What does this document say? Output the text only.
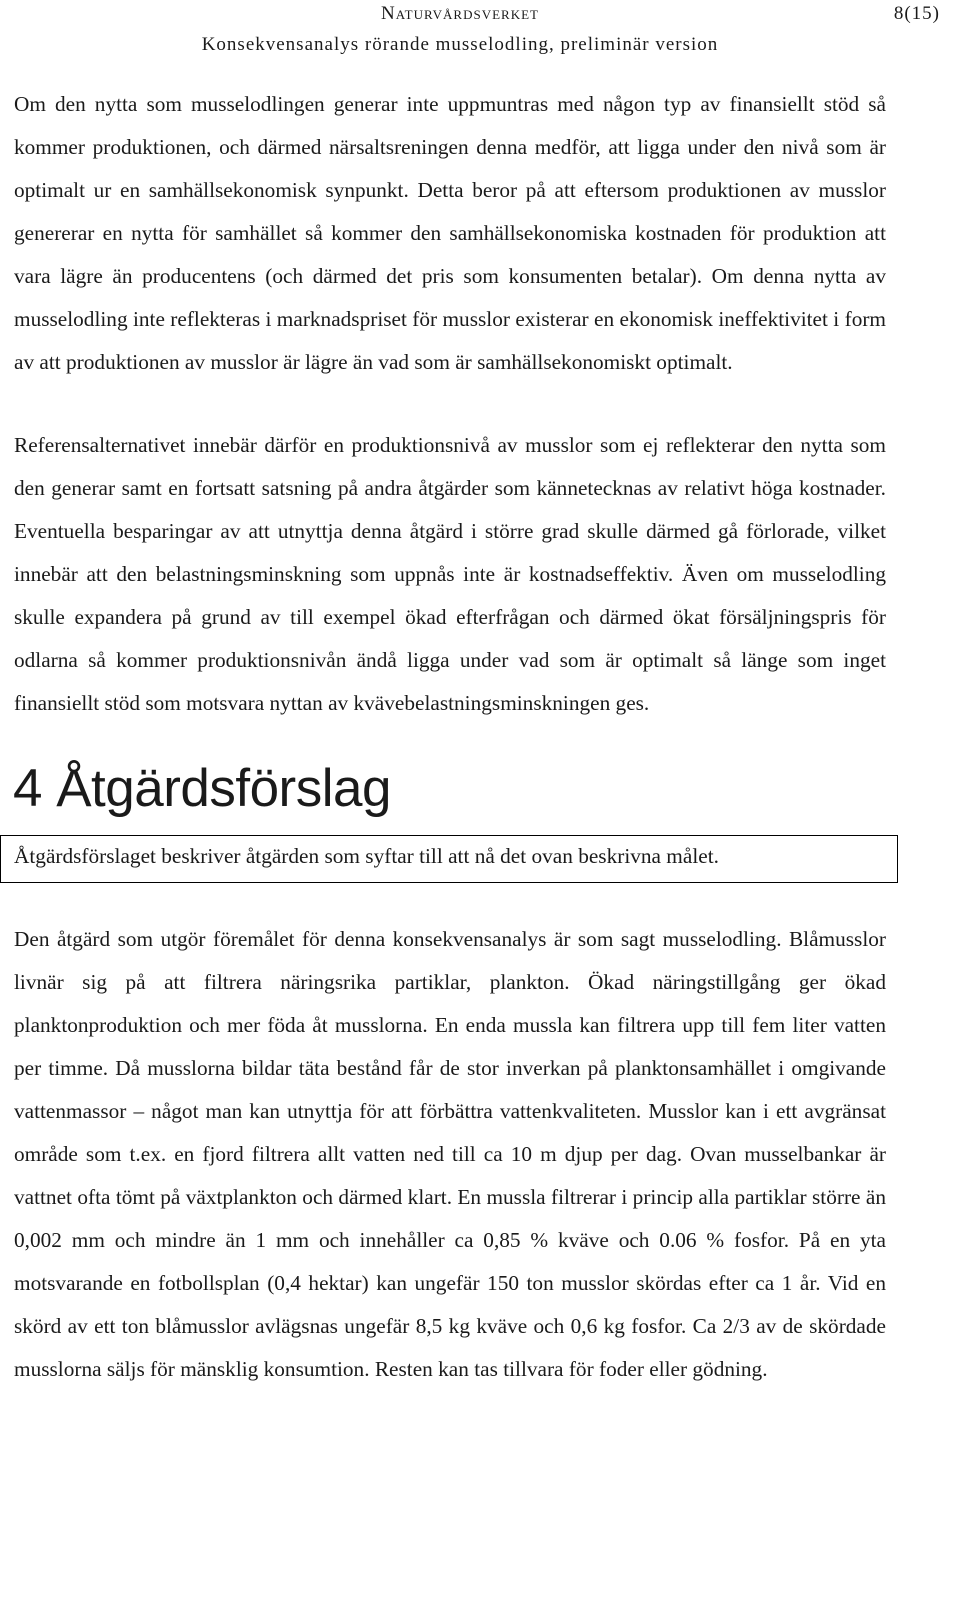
Naturvårdsverket
Konsekvensanalys rörande musselodling, preliminär version
8(15)

Om den nytta som musselodlingen generar inte uppmuntras med någon typ av finansiellt stöd så kommer produktionen, och därmed närsaltsreningen denna medför, att ligga under den nivå som är optimalt ur en samhällsekonomisk synpunkt. Detta beror på att eftersom produktionen av musslor genererar en nytta för samhället så kommer den samhällsekonomiska kostnaden för produktion att vara lägre än producentens (och därmed det pris som konsumenten betalar). Om denna nytta av musselodling inte reflekteras i marknadspriset för musslor existerar en ekonomisk ineffektivitet i form av att produktionen av musslor är lägre än vad som är samhällsekonomiskt optimalt.

Referensalternativet innebär därför en produktionsnivå av musslor som ej reflekterar den nytta som den generar samt en fortsatt satsning på andra åtgärder som kännetecknas av relativt höga kostnader. Eventuella besparingar av att utnyttja denna åtgärd i större grad skulle därmed gå förlorade, vilket innebär att den belastningsminskning som uppnås inte är kostnadseffektiv. Även om musselodling skulle expandera på grund av till exempel ökad efterfrågan och därmed ökat försäljningspris för odlarna så kommer produktionsnivån ändå ligga under vad som är optimalt så länge som inget finansiellt stöd som motsvara nyttan av kvävebelastningsminskningen ges.

4 Åtgärdsförslag
Åtgärdsförslaget beskriver åtgärden som syftar till att nå det ovan beskrivna målet.

Den åtgärd som utgör föremålet för denna konsekvensanalys är som sagt musselodling. Blåmusslor livnär sig på att filtrera näringsrika partiklar, plankton. Ökad näringstillgång ger ökad planktonproduktion och mer föda åt musslorna. En enda mussla kan filtrera upp till fem liter vatten per timme. Då musslorna bildar täta bestånd får de stor inverkan på planktonsamhället i omgivande vattenmassor – något man kan utnyttja för att förbättra vattenkvaliteten. Musslor kan i ett avgränsat område som t.ex. en fjord filtrera allt vatten ned till ca 10 m djup per dag. Ovan musselbankar är vattnet ofta tömt på växtplankton och därmed klart. En mussla filtrerar i princip alla partiklar större än 0,002 mm och mindre än 1 mm och innehåller ca 0,85 % kväve och 0.06 % fosfor. På en yta motsvarande en fotbollsplan (0,4 hektar) kan ungefär 150 ton musslor skördas efter ca 1 år. Vid en skörd av ett ton blåmusslor avlägsnas ungefär 8,5 kg kväve och 0,6 kg fosfor. Ca 2/3 av de skördade musslorna säljs för mänsklig konsumtion. Resten kan tas tillvara för foder eller gödning.
